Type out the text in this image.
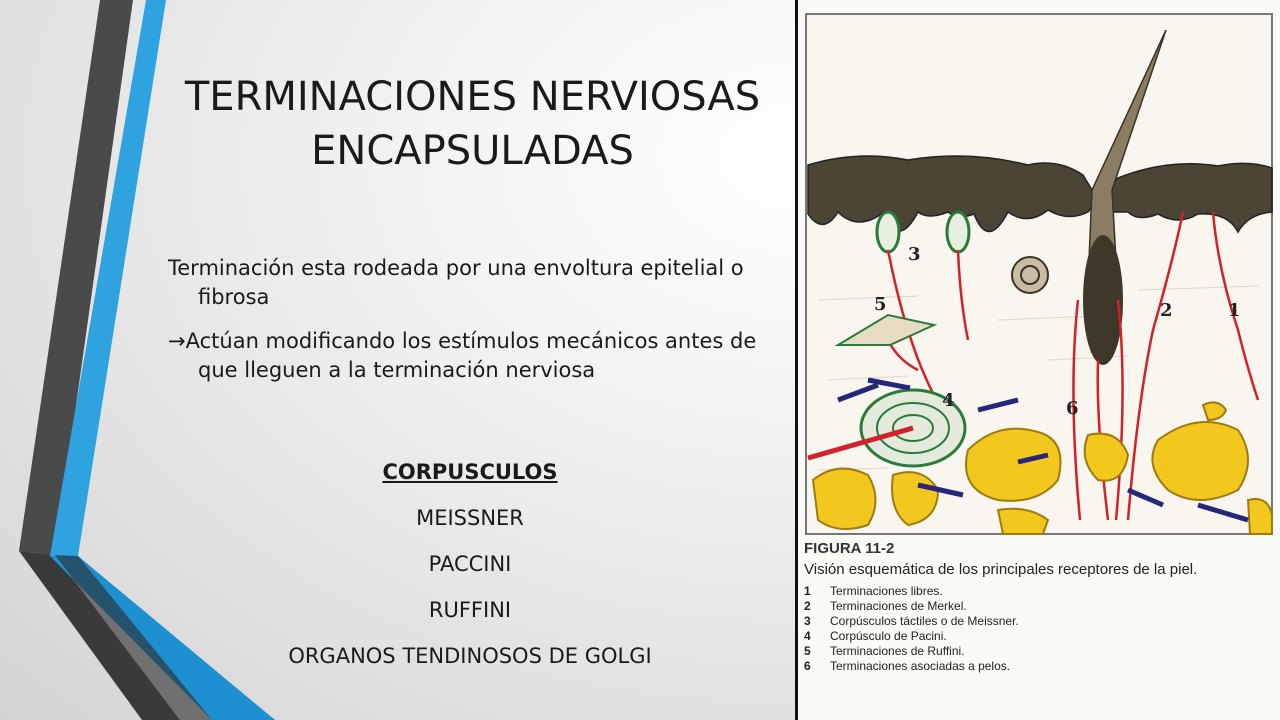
TERMINACIONES NERVIOSAS
ENCAPSULADAS

Terminación esta rodeada por una envoltura epitelial o fibrosa

→Actúan modificando los estímulos mecánicos antes de que lleguen a la terminación nerviosa

CORPUSCULOS
MEISSNER
PACCINI
RUFFINI
ORGANOS TENDINOSOS DE GOLGI
3
1
2
5
4	6
FIGURA 11-2
Visión esquemática de los principales receptores de la piel.
1	Terminaciones libres.
2	Terminaciones de Merkel.
3	Corpúsculos táctiles o de Meissner.
4	Corpúsculo de Pacini.
5	Terminaciones de Ruffini.
6	Terminaciones asociadas a pelos.
